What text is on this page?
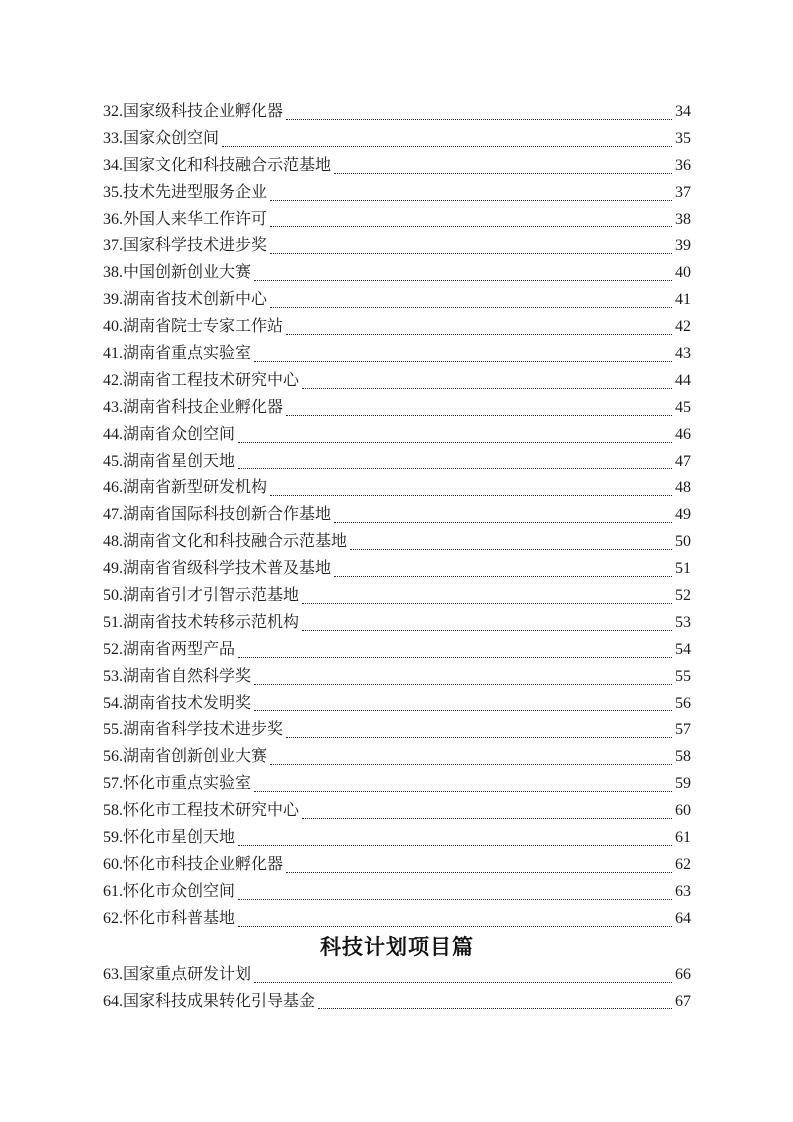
32.国家级科技企业孵化器	34
33.国家众创空间	35
34.国家文化和科技融合示范基地	36
35.技术先进型服务企业	37
36.外国人来华工作许可	38
37.国家科学技术进步奖	39
38.中国创新创业大赛	40
39.湖南省技术创新中心	41
40.湖南省院士专家工作站	42
41.湖南省重点实验室	43
42.湖南省工程技术研究中心	44
43.湖南省科技企业孵化器	45
44.湖南省众创空间	46
45.湖南省星创天地	47
46.湖南省新型研发机构	48
47.湖南省国际科技创新合作基地	49
48.湖南省文化和科技融合示范基地	50
49.湖南省省级科学技术普及基地	51
50.湖南省引才引智示范基地	52
51.湖南省技术转移示范机构	53
52.湖南省两型产品	54
53.湖南省自然科学奖	55
54.湖南省技术发明奖	56
55.湖南省科学技术进步奖	57
56.湖南省创新创业大赛	58
57.怀化市重点实验室	59
58.怀化市工程技术研究中心	60
59.怀化市星创天地	61
60.怀化市科技企业孵化器	62
61.怀化市众创空间	63
62.怀化市科普基地	64
科技计划项目篇
63.国家重点研发计划	66
64.国家科技成果转化引导基金	67
